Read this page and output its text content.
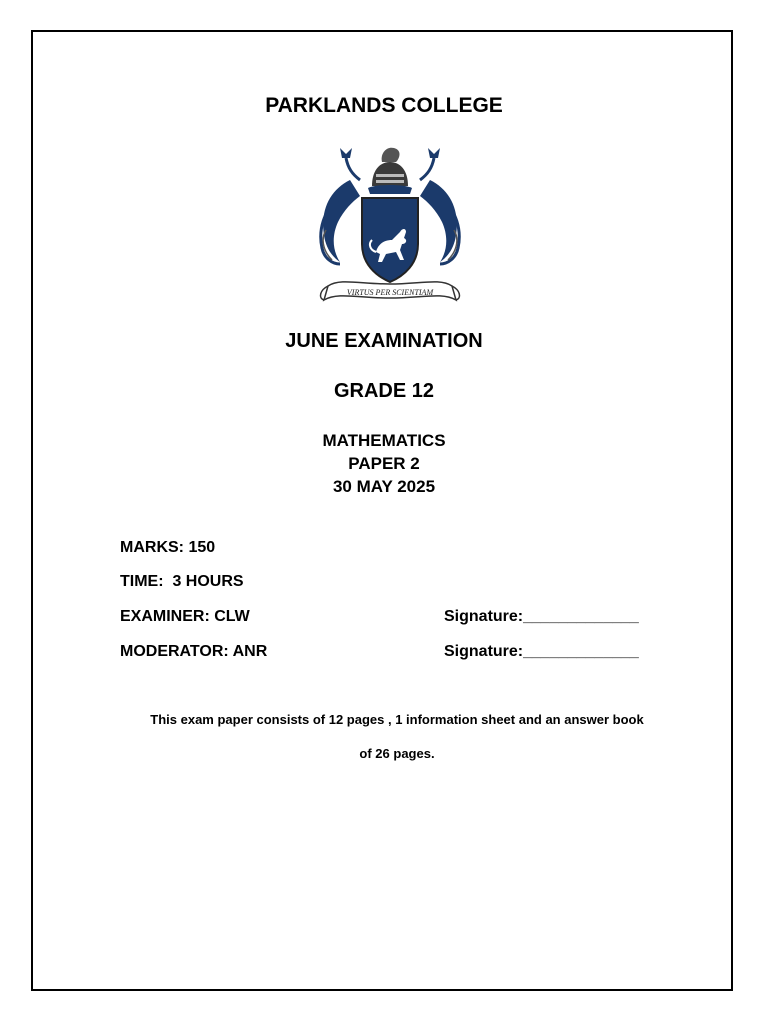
PARKLANDS COLLEGE
VIRTUS PER SCIENTIAM
JUNE EXAMINATION
GRADE 12
MATHEMATICS
PAPER 2
30 MAY 2025

MARKS: 150

TIME:  3 HOURS

EXAMINER: CLW	Signature:_____________

MODERATOR: ANR	Signature:_____________

This exam paper consists of 12 pages , 1 information sheet and an answer book

of 26 pages.
